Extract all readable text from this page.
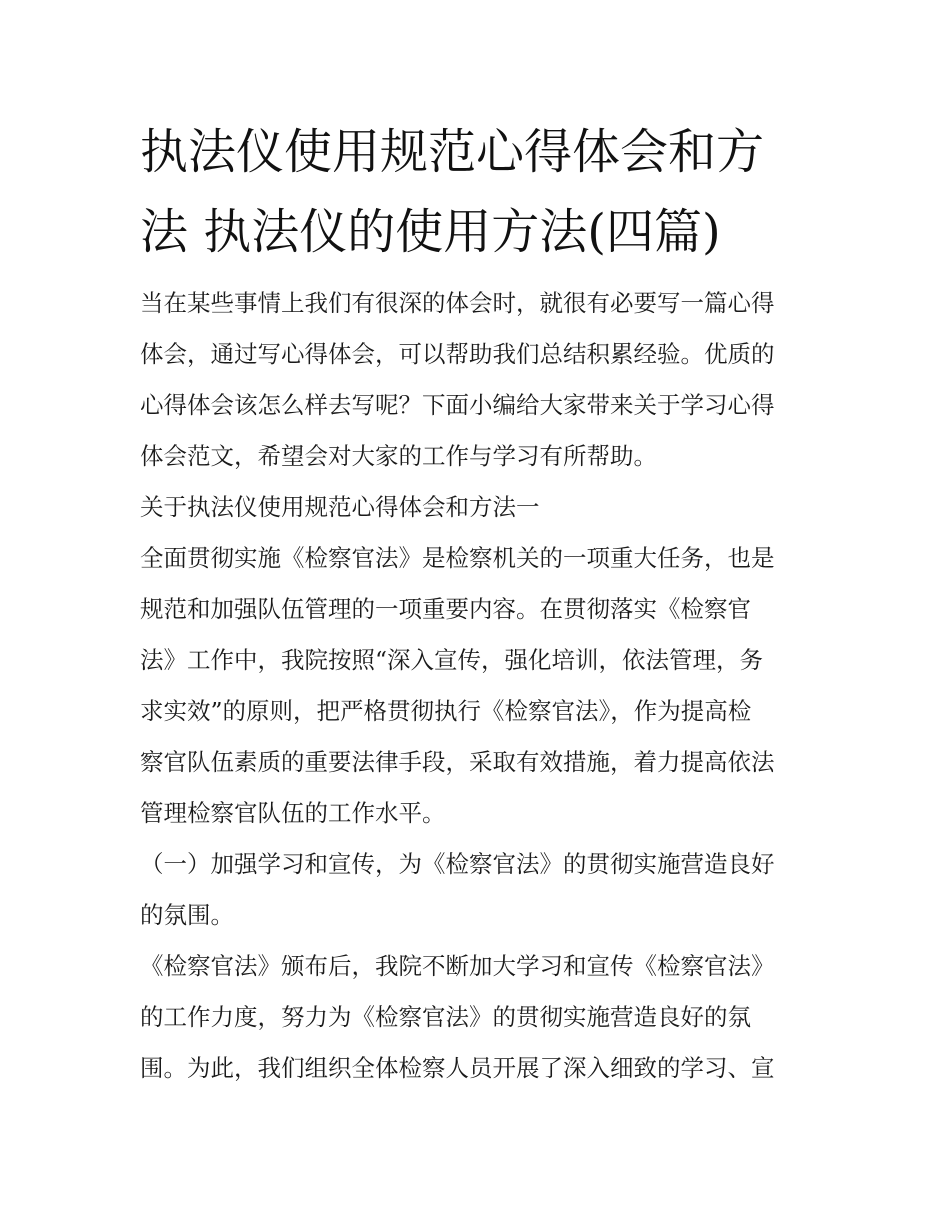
执法仪使用规范心得体会和方
法 执法仪的使用方法(四篇)
当在某些事情上我们有很深的体会时，就很有必要写一篇心得
体会，通过写心得体会，可以帮助我们总结积累经验。优质的
心得体会该怎么样去写呢？下面小编给大家带来关于学习心得
体会范文，希望会对大家的工作与学习有所帮助。
关于执法仪使用规范心得体会和方法一
全面贯彻实施《检察官法》是检察机关的一项重大任务，也是
规范和加强队伍管理的一项重要内容。在贯彻落实《检察官
法》工作中，我院按照“深入宣传，强化培训，依法管理，务
求实效”的原则，把严格贯彻执行《检察官法》，作为提高检
察官队伍素质的重要法律手段，采取有效措施，着力提高依法
管理检察官队伍的工作水平。
（一）加强学习和宣传，为《检察官法》的贯彻实施营造良好
的氛围。
《检察官法》颁布后，我院不断加大学习和宣传《检察官法》
的工作力度，努力为《检察官法》的贯彻实施营造良好的氛
围。为此，我们组织全体检察人员开展了深入细致的学习、宣
